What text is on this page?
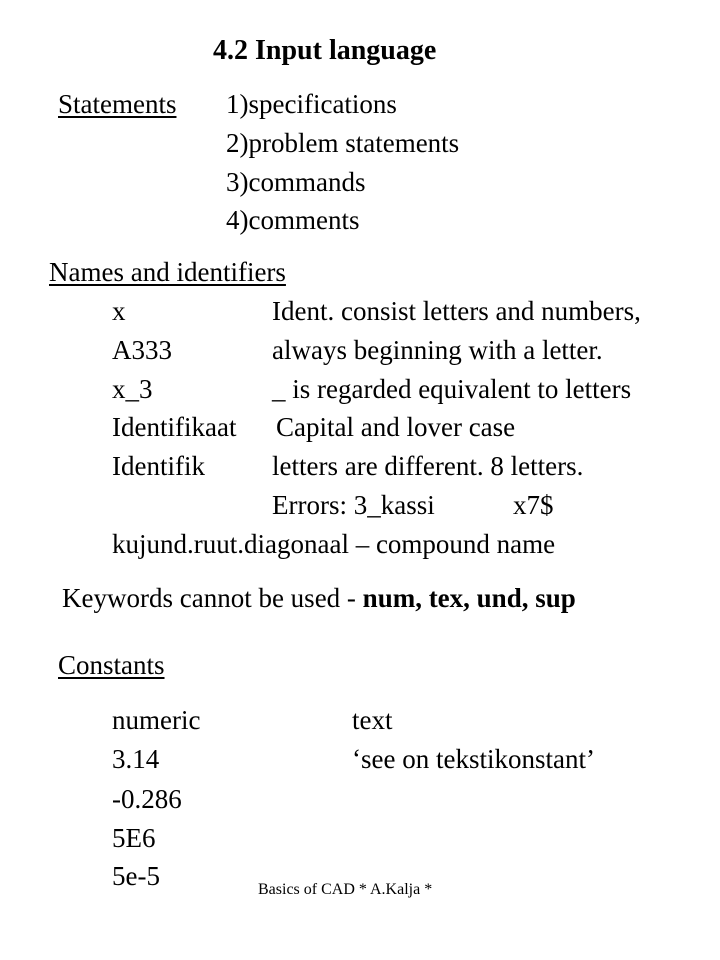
4.2 Input language
Statements 1)specifications
2)problem statements
3)commands
4)comments
Names and identifiers
x	Ident. consist letters and numbers,
A333	always beginning with a letter.
x_3	_ is regarded equivalent to letters
Identifikaat Capital and lover case
Identifik letters are different. 8 letters.
Errors: 3_kassi	x7$
kujund.ruut.diagonaal – compound name
Keywords cannot be used - num, tex, und, sup
Constants
numeric	text
3.14	‘see on tekstikonstant’
-0.286
5E6
5e-5	Basics of CAD * A.Kalja *
